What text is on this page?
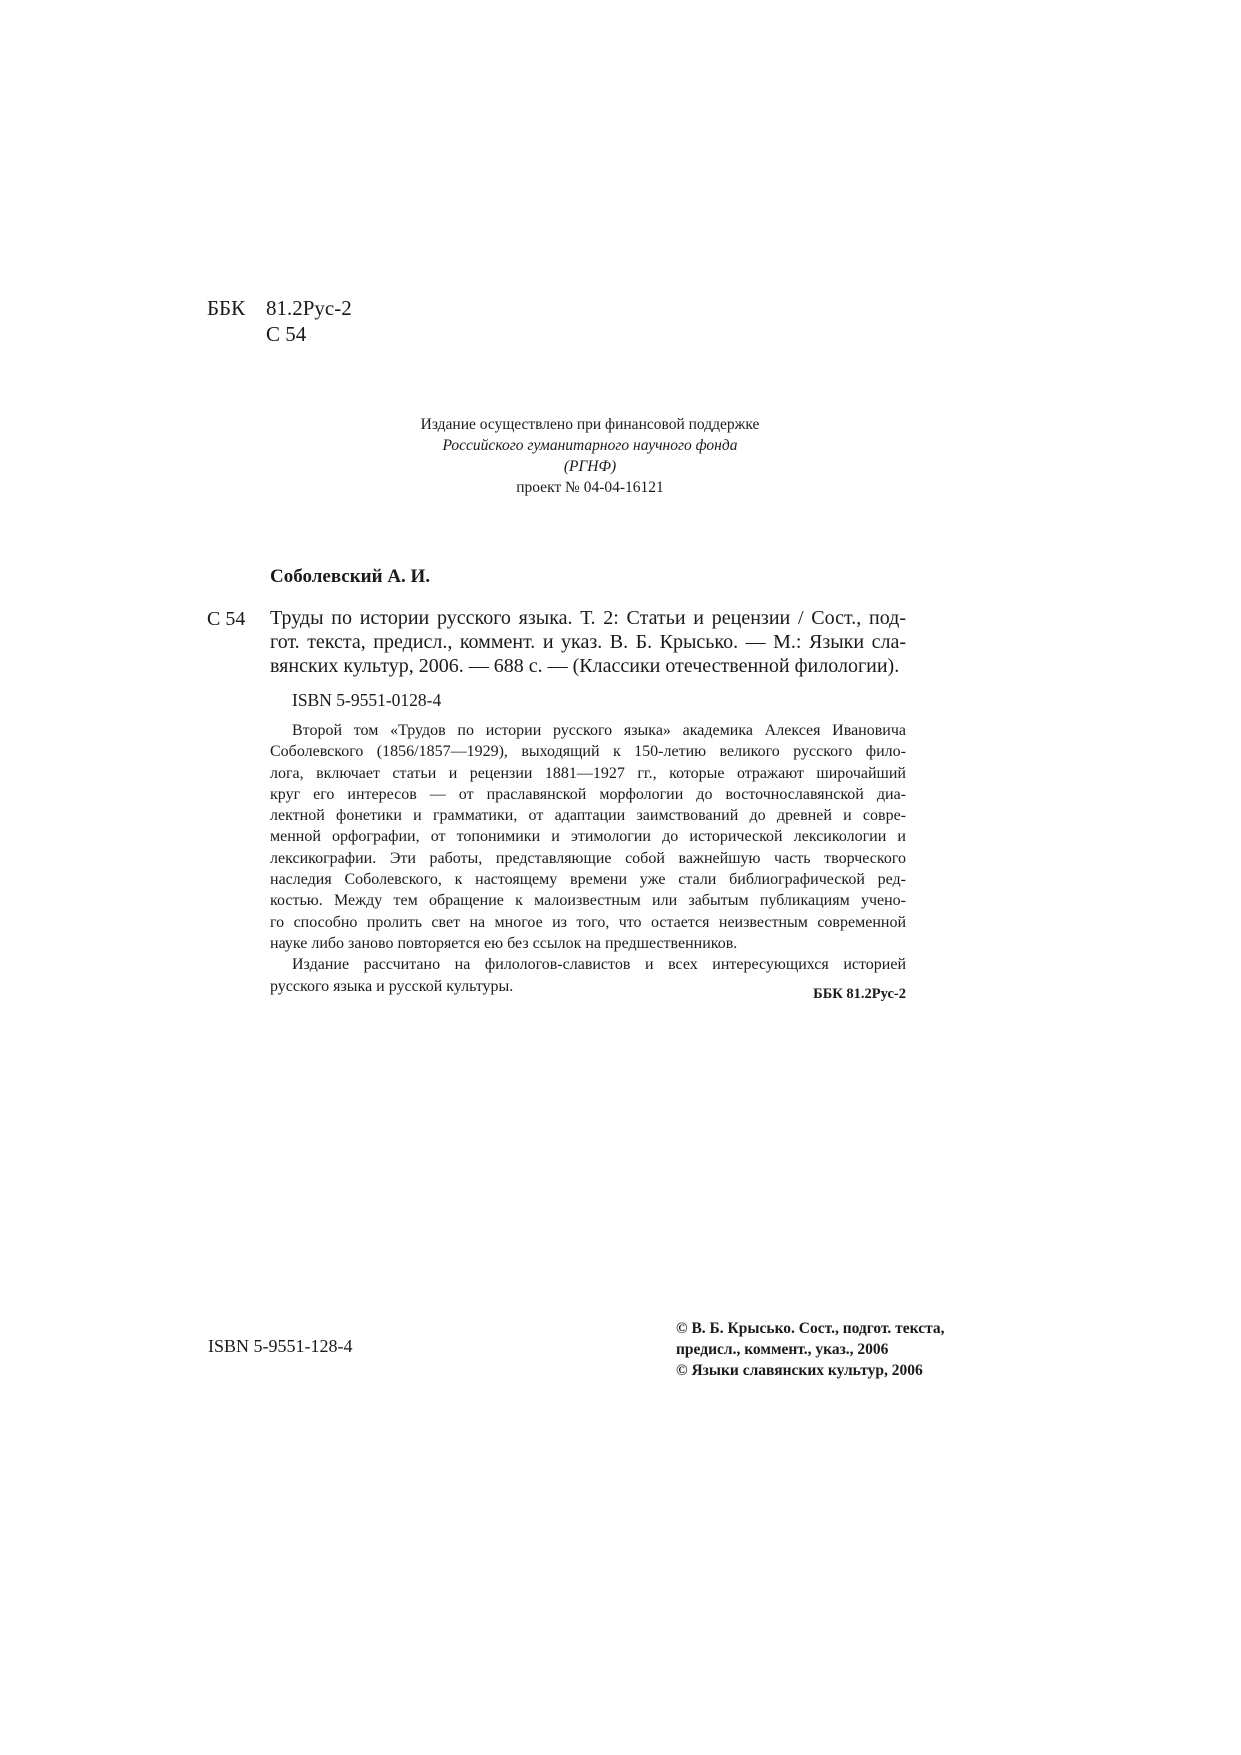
ББК 81.2Рус-2
С 54
Издание осуществлено при финансовой поддержке
Российского гуманитарного научного фонда
(РГНФ)
проект № 04-04-16121
Соболевский А. И.
С 54 Труды по истории русского языка. Т. 2: Статьи и рецензии / Сост., под-
гот. текста, предисл., коммент. и указ. В. Б. Крысько. — М.: Языки сла-
вянских культур, 2006. — 688 с. — (Классики отечественной филологии).
ISBN 5-9551-0128-4
Второй том «Трудов по истории русского языка» академика Алексея Ивановича
Соболевского (1856/1857—1929), выходящий к 150-летию великого русского фило-
лога, включает статьи и рецензии 1881—1927 гг., которые отражают широчайший
круг его интересов — от праславянской морфологии до восточнославянской диа-
лектной фонетики и грамматики, от адаптации заимствований до древней и совре-
менной орфографии, от топонимики и этимологии до исторической лексикологии и
лексикографии. Эти работы, представляющие собой важнейшую часть творческого
наследия Соболевского, к настоящему времени уже стали библиографической ред-
костью. Между тем обращение к малоизвестным или забытым публикациям учено-
го способно пролить свет на многое из того, что остается неизвестным современной
науке либо заново повторяется ею без ссылок на предшественников.
Издание рассчитано на филологов-славистов и всех интересующихся историей
русского языка и русской культуры.	ББК 81.2Рус-2
ISBN 5-9551-128-4
© В. Б. Крысько. Сост., подгот. текста,
предисл., коммент., указ., 2006
© Языки славянских культур, 2006
